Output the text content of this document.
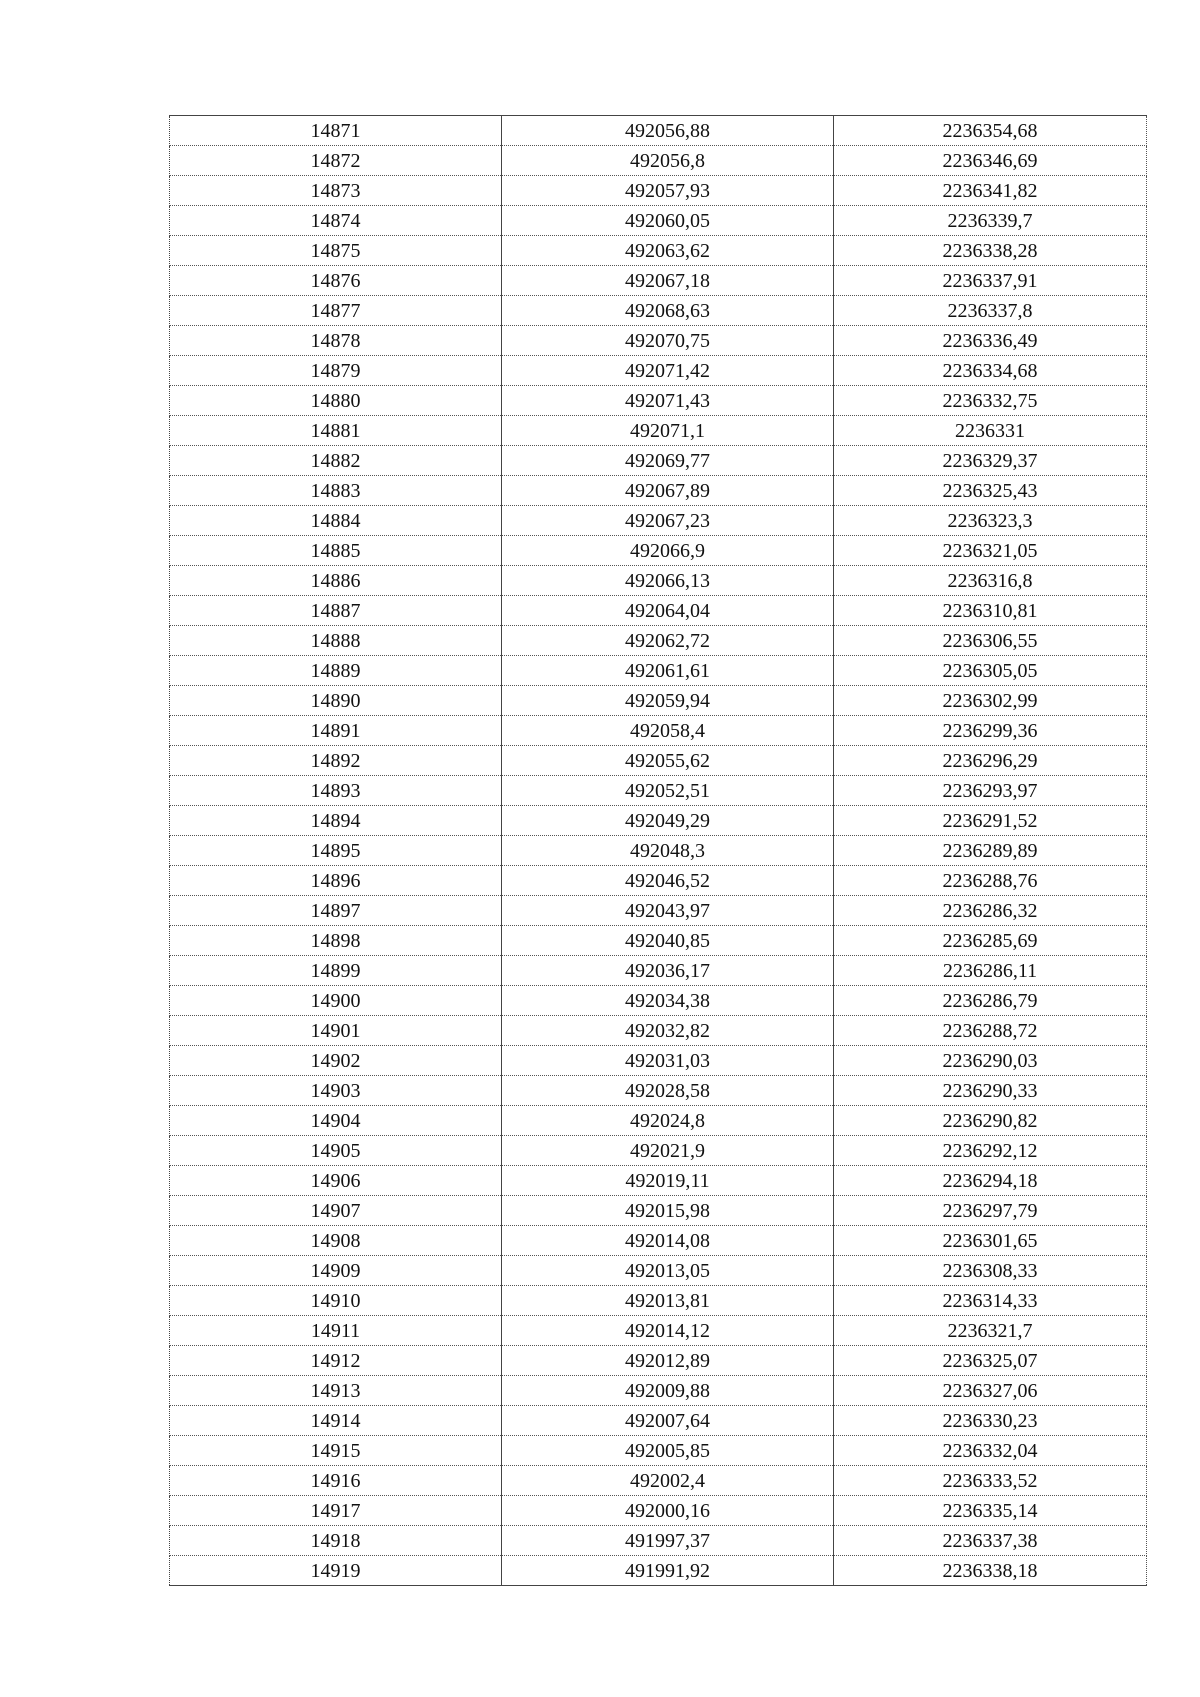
14871	492056,88	2236354,68
14872	492056,8	2236346,69
14873	492057,93	2236341,82
14874	492060,05	2236339,7
14875	492063,62	2236338,28
14876	492067,18	2236337,91
14877	492068,63	2236337,8
14878	492070,75	2236336,49
14879	492071,42	2236334,68
14880	492071,43	2236332,75
14881	492071,1	2236331
14882	492069,77	2236329,37
14883	492067,89	2236325,43
14884	492067,23	2236323,3
14885	492066,9	2236321,05
14886	492066,13	2236316,8
14887	492064,04	2236310,81
14888	492062,72	2236306,55
14889	492061,61	2236305,05
14890	492059,94	2236302,99
14891	492058,4	2236299,36
14892	492055,62	2236296,29
14893	492052,51	2236293,97
14894	492049,29	2236291,52
14895	492048,3	2236289,89
14896	492046,52	2236288,76
14897	492043,97	2236286,32
14898	492040,85	2236285,69
14899	492036,17	2236286,11
14900	492034,38	2236286,79
14901	492032,82	2236288,72
14902	492031,03	2236290,03
14903	492028,58	2236290,33
14904	492024,8	2236290,82
14905	492021,9	2236292,12
14906	492019,11	2236294,18
14907	492015,98	2236297,79
14908	492014,08	2236301,65
14909	492013,05	2236308,33
14910	492013,81	2236314,33
14911	492014,12	2236321,7
14912	492012,89	2236325,07
14913	492009,88	2236327,06
14914	492007,64	2236330,23
14915	492005,85	2236332,04
14916	492002,4	2236333,52
14917	492000,16	2236335,14
14918	491997,37	2236337,38
14919	491991,92	2236338,18
